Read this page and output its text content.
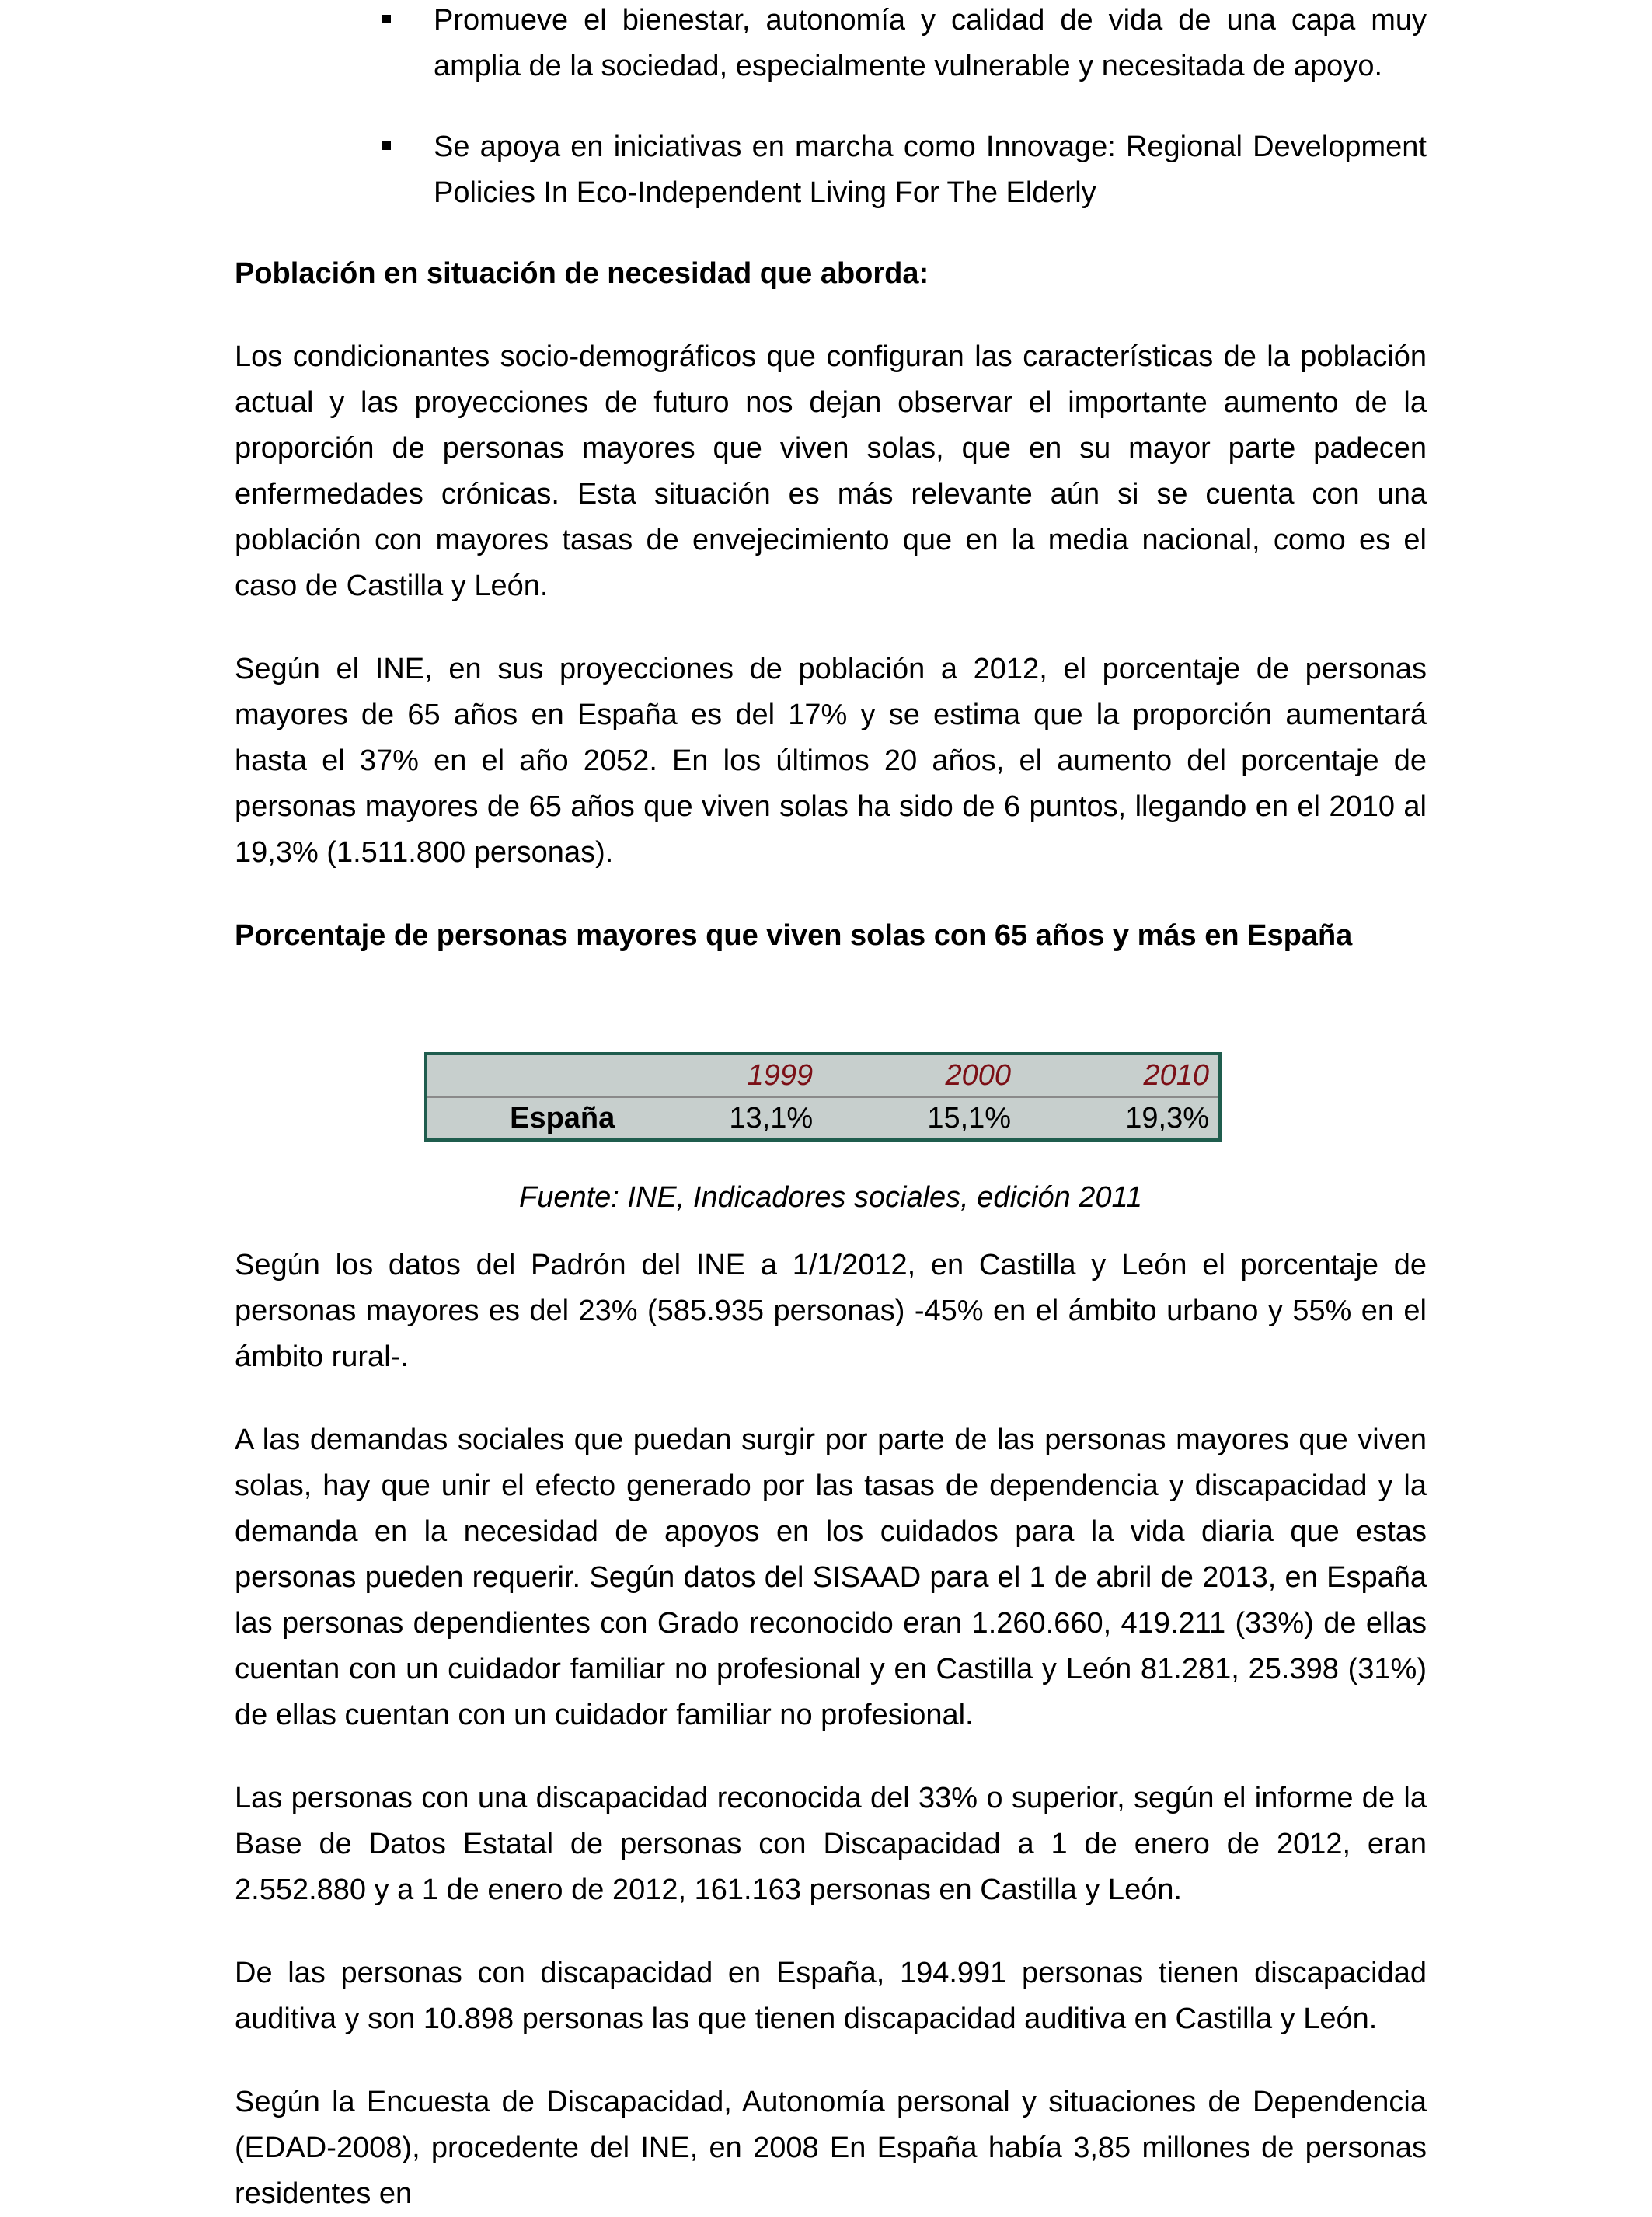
Promueve el bienestar, autonomía y calidad de vida de una capa muy amplia de la sociedad, especialmente vulnerable y necesitada de apoyo.
Se apoya en iniciativas en marcha como Innovage: Regional Development Policies In Eco-Independent Living For The Elderly
Población en situación de necesidad que aborda:

Los condicionantes socio-demográficos que configuran las características de la población actual y las proyecciones de futuro nos dejan observar el importante aumento de la proporción de personas mayores que viven solas, que en su mayor parte padecen enfermedades crónicas. Esta situación es más relevante aún si se cuenta con una población con mayores tasas de envejecimiento que en la media nacional, como es el caso de Castilla y León.

Según el INE, en sus proyecciones de población a 2012, el porcentaje de personas mayores de 65 años en España es del 17% y se estima que la proporción aumentará hasta el 37% en el año 2052. En los últimos 20 años, el aumento del porcentaje de personas mayores de 65 años que viven solas ha sido de 6 puntos, llegando en el 2010 al 19,3% (1.511.800 personas).

Porcentaje de personas mayores que viven solas con 65 años y más en España
	1999	2000	2010
España	13,1%	15,1%	19,3%
Fuente: INE, Indicadores sociales, edición 2011

Según los datos del Padrón del INE a 1/1/2012, en Castilla y León el porcentaje de personas mayores es del 23% (585.935 personas) -45% en el ámbito urbano y 55% en el ámbito rural-.

A las demandas sociales que puedan surgir por parte de las personas mayores que viven solas, hay que unir el efecto generado por las tasas de dependencia y discapacidad y la demanda en la necesidad de apoyos en los cuidados para la vida diaria que estas personas pueden requerir. Según datos del SISAAD para el 1 de abril de 2013, en España las personas dependientes con Grado reconocido eran 1.260.660, 419.211 (33%) de ellas cuentan con un cuidador familiar no profesional y en Castilla y León 81.281, 25.398 (31%) de ellas cuentan con un cuidador familiar no profesional.

Las personas con una discapacidad reconocida del 33% o superior, según el informe de la Base de Datos Estatal de personas con Discapacidad a 1 de enero de 2012, eran 2.552.880 y a 1 de enero de 2012, 161.163 personas en Castilla y León.

De las personas con discapacidad en España, 194.991 personas tienen discapacidad auditiva y son 10.898 personas las que tienen discapacidad auditiva en Castilla y León.

Según la Encuesta de Discapacidad, Autonomía personal y situaciones de Dependencia (EDAD-2008), procedente del INE, en 2008 En España había 3,85 millones de personas residentes en
